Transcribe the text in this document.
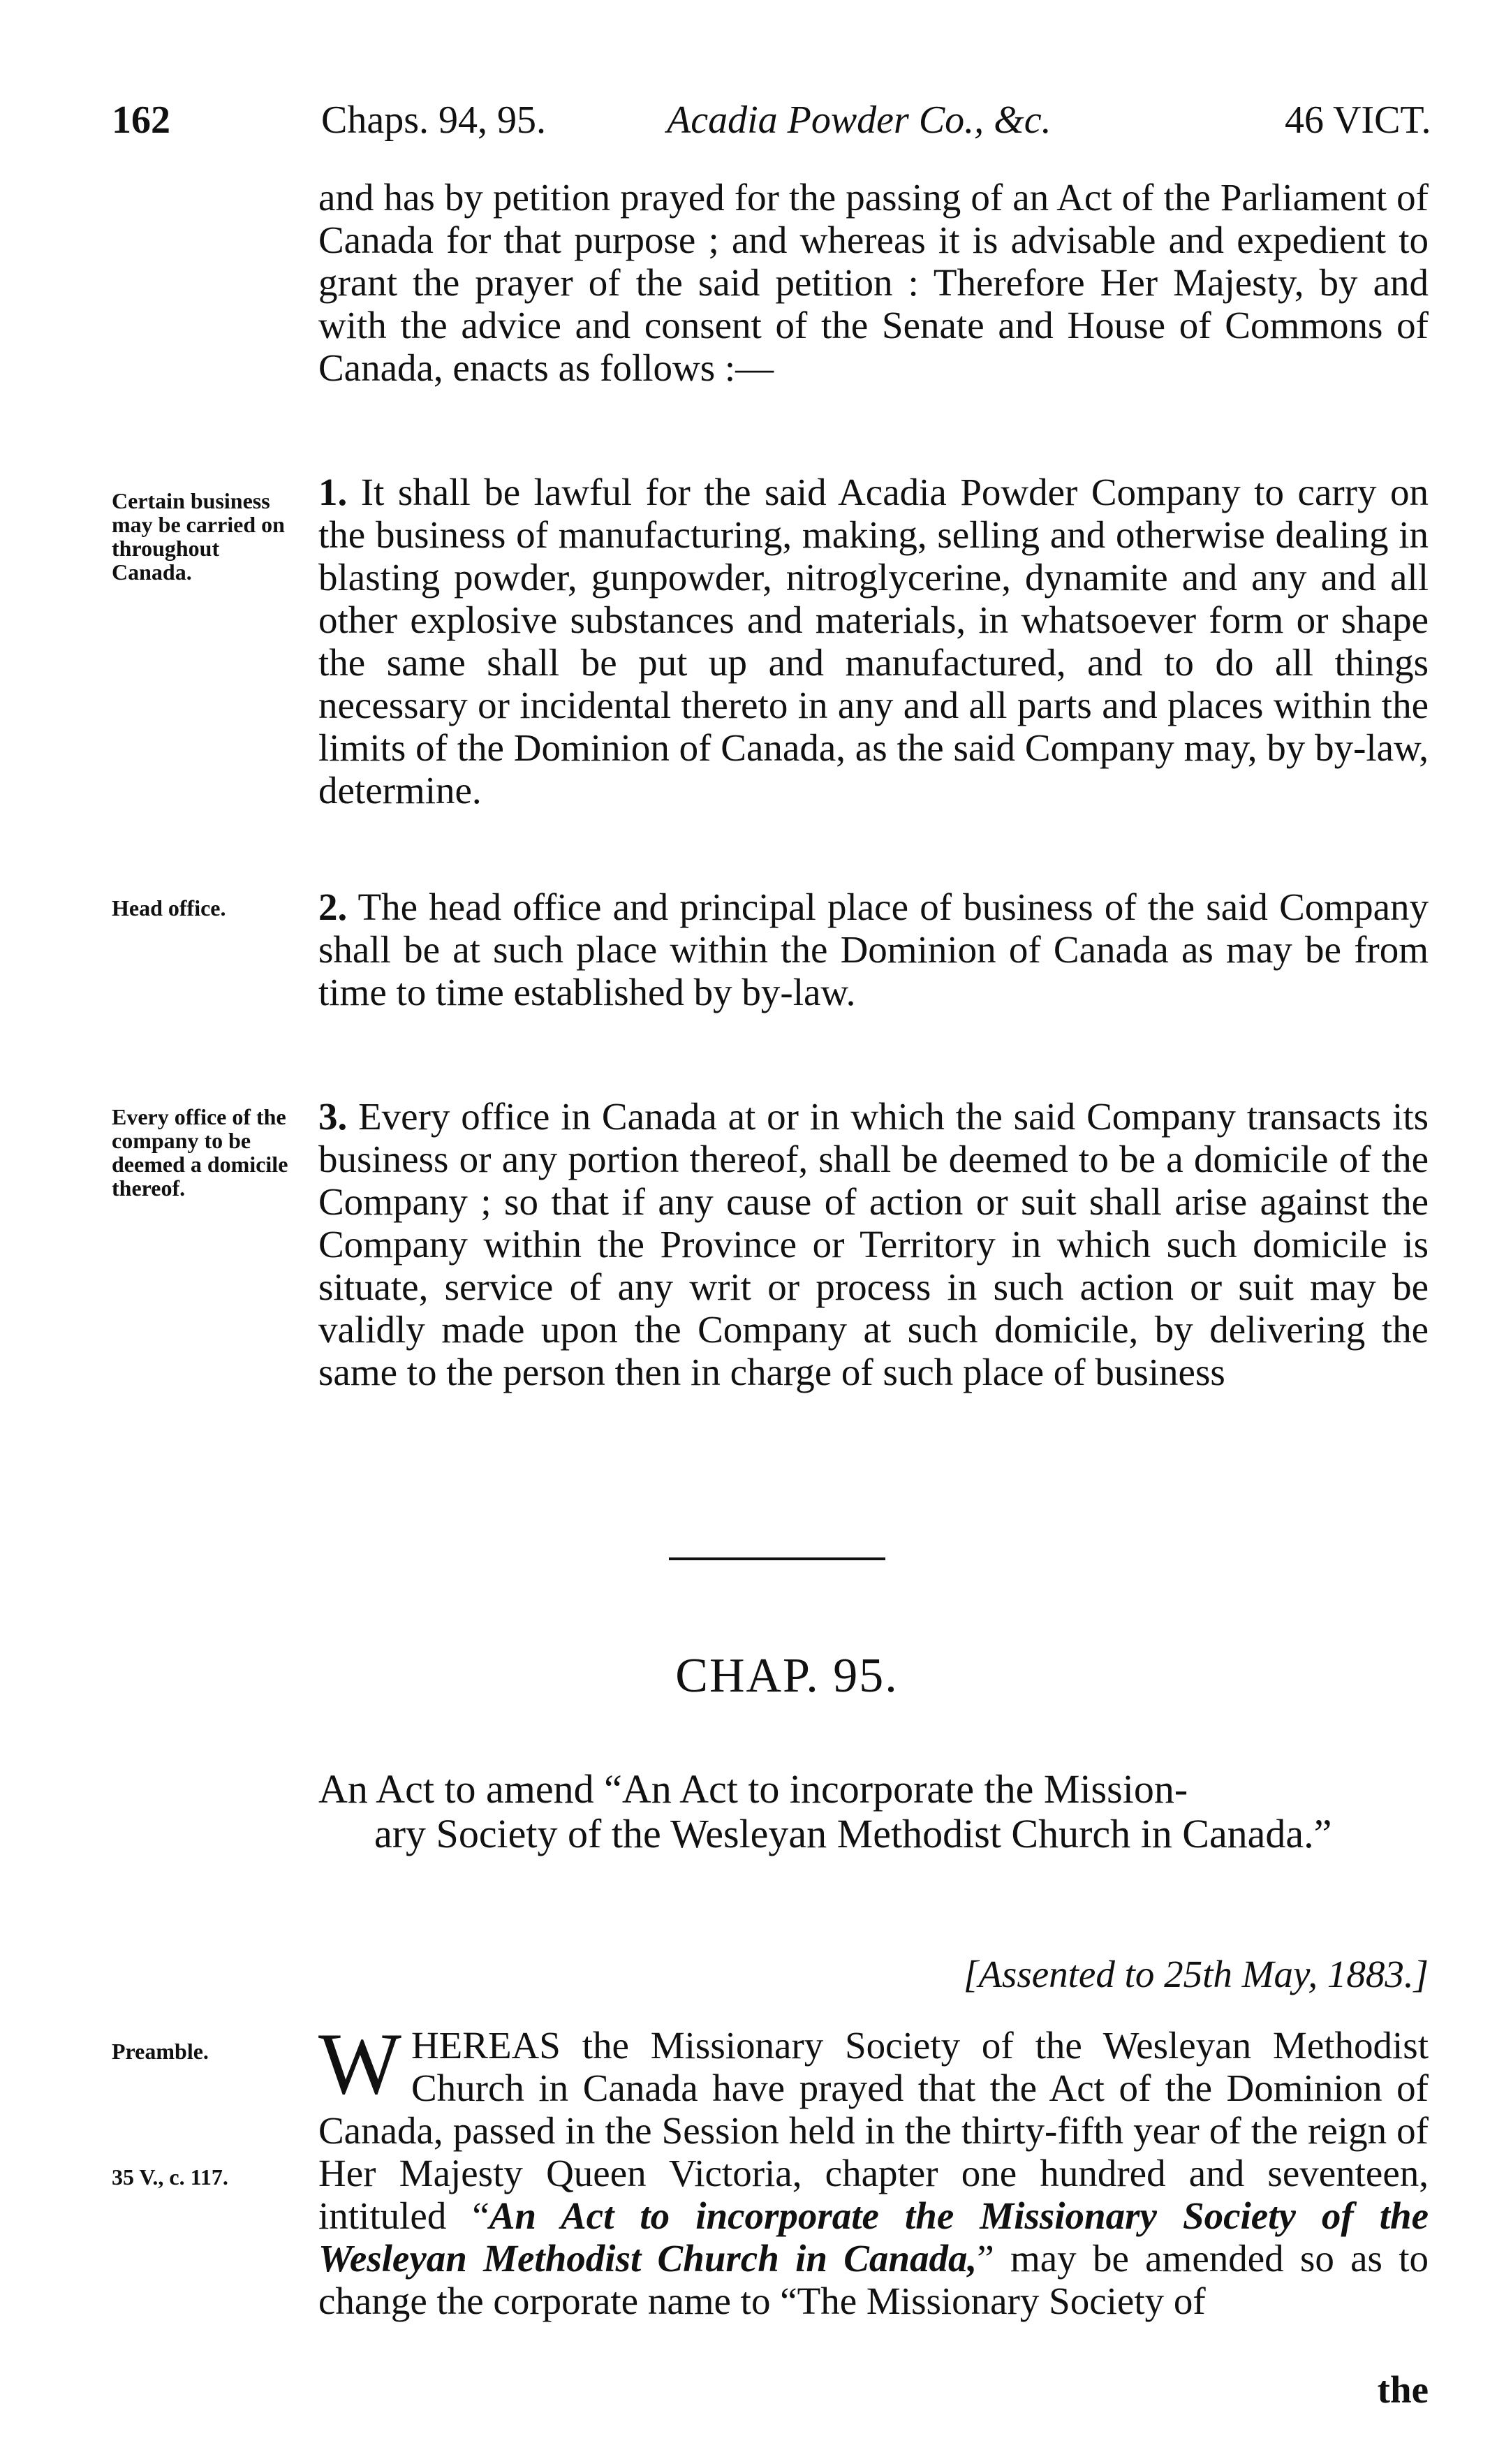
162	Chaps. 94, 95.	Acadia Powder Co., &c.	46 VICT.
and has by petition prayed for the passing of an Act of the Parliament of Canada for that purpose ; and whereas it is advisable and expedient to grant the prayer of the said petition : Therefore Her Majesty, by and with the advice and consent of the Senate and House of Commons of Canada, enacts as follows :—
Certain business may be carried on throughout Canada.
1. It shall be lawful for the said Acadia Powder Company to carry on the business of manufacturing, making, selling and otherwise dealing in blasting powder, gunpowder, nitroglycerine, dynamite and any and all other explosive substances and materials, in whatsoever form or shape the same shall be put up and manufactured, and to do all things necessary or incidental thereto in any and all parts and places within the limits of the Dominion of Canada, as the said Company may, by by-law, determine.
Head office.	2. The head office and principal place of business of the said Company shall be at such place within the Dominion of Canada as may be from time to time established by by-law.
Every office of the company to be deemed a domicile thereof.
3. Every office in Canada at or in which the said Company transacts its business or any portion thereof, shall be deemed to be a domicile of the Company ; so that if any cause of action or suit shall arise against the Company within the Province or Territory in which such domicile is situate, service of any writ or process in such action or suit may be validly made upon the Company at such domicile, by delivering the same to the person then in charge of such place of business
CHAP. 95.
An Act to amend “An Act to incorporate the Mission-
ary Society of the Wesleyan Methodist Church in Canada.”
[Assented to 25th May, 1883.]
Preamble.
35 V., c. 117.
W HEREAS the Missionary Society of the Wesleyan Methodist Church in Canada have prayed that the Act of the Dominion of Canada, passed in the Session held in the thirty-fifth year of the reign of Her Majesty Queen Victoria, chapter one hundred and seventeen, intituled “An Act to incorporate the Missionary Society of the Wesleyan Methodist Church in Canada,” may be amended so as to change the corporate name to “The Missionary Society of
the
